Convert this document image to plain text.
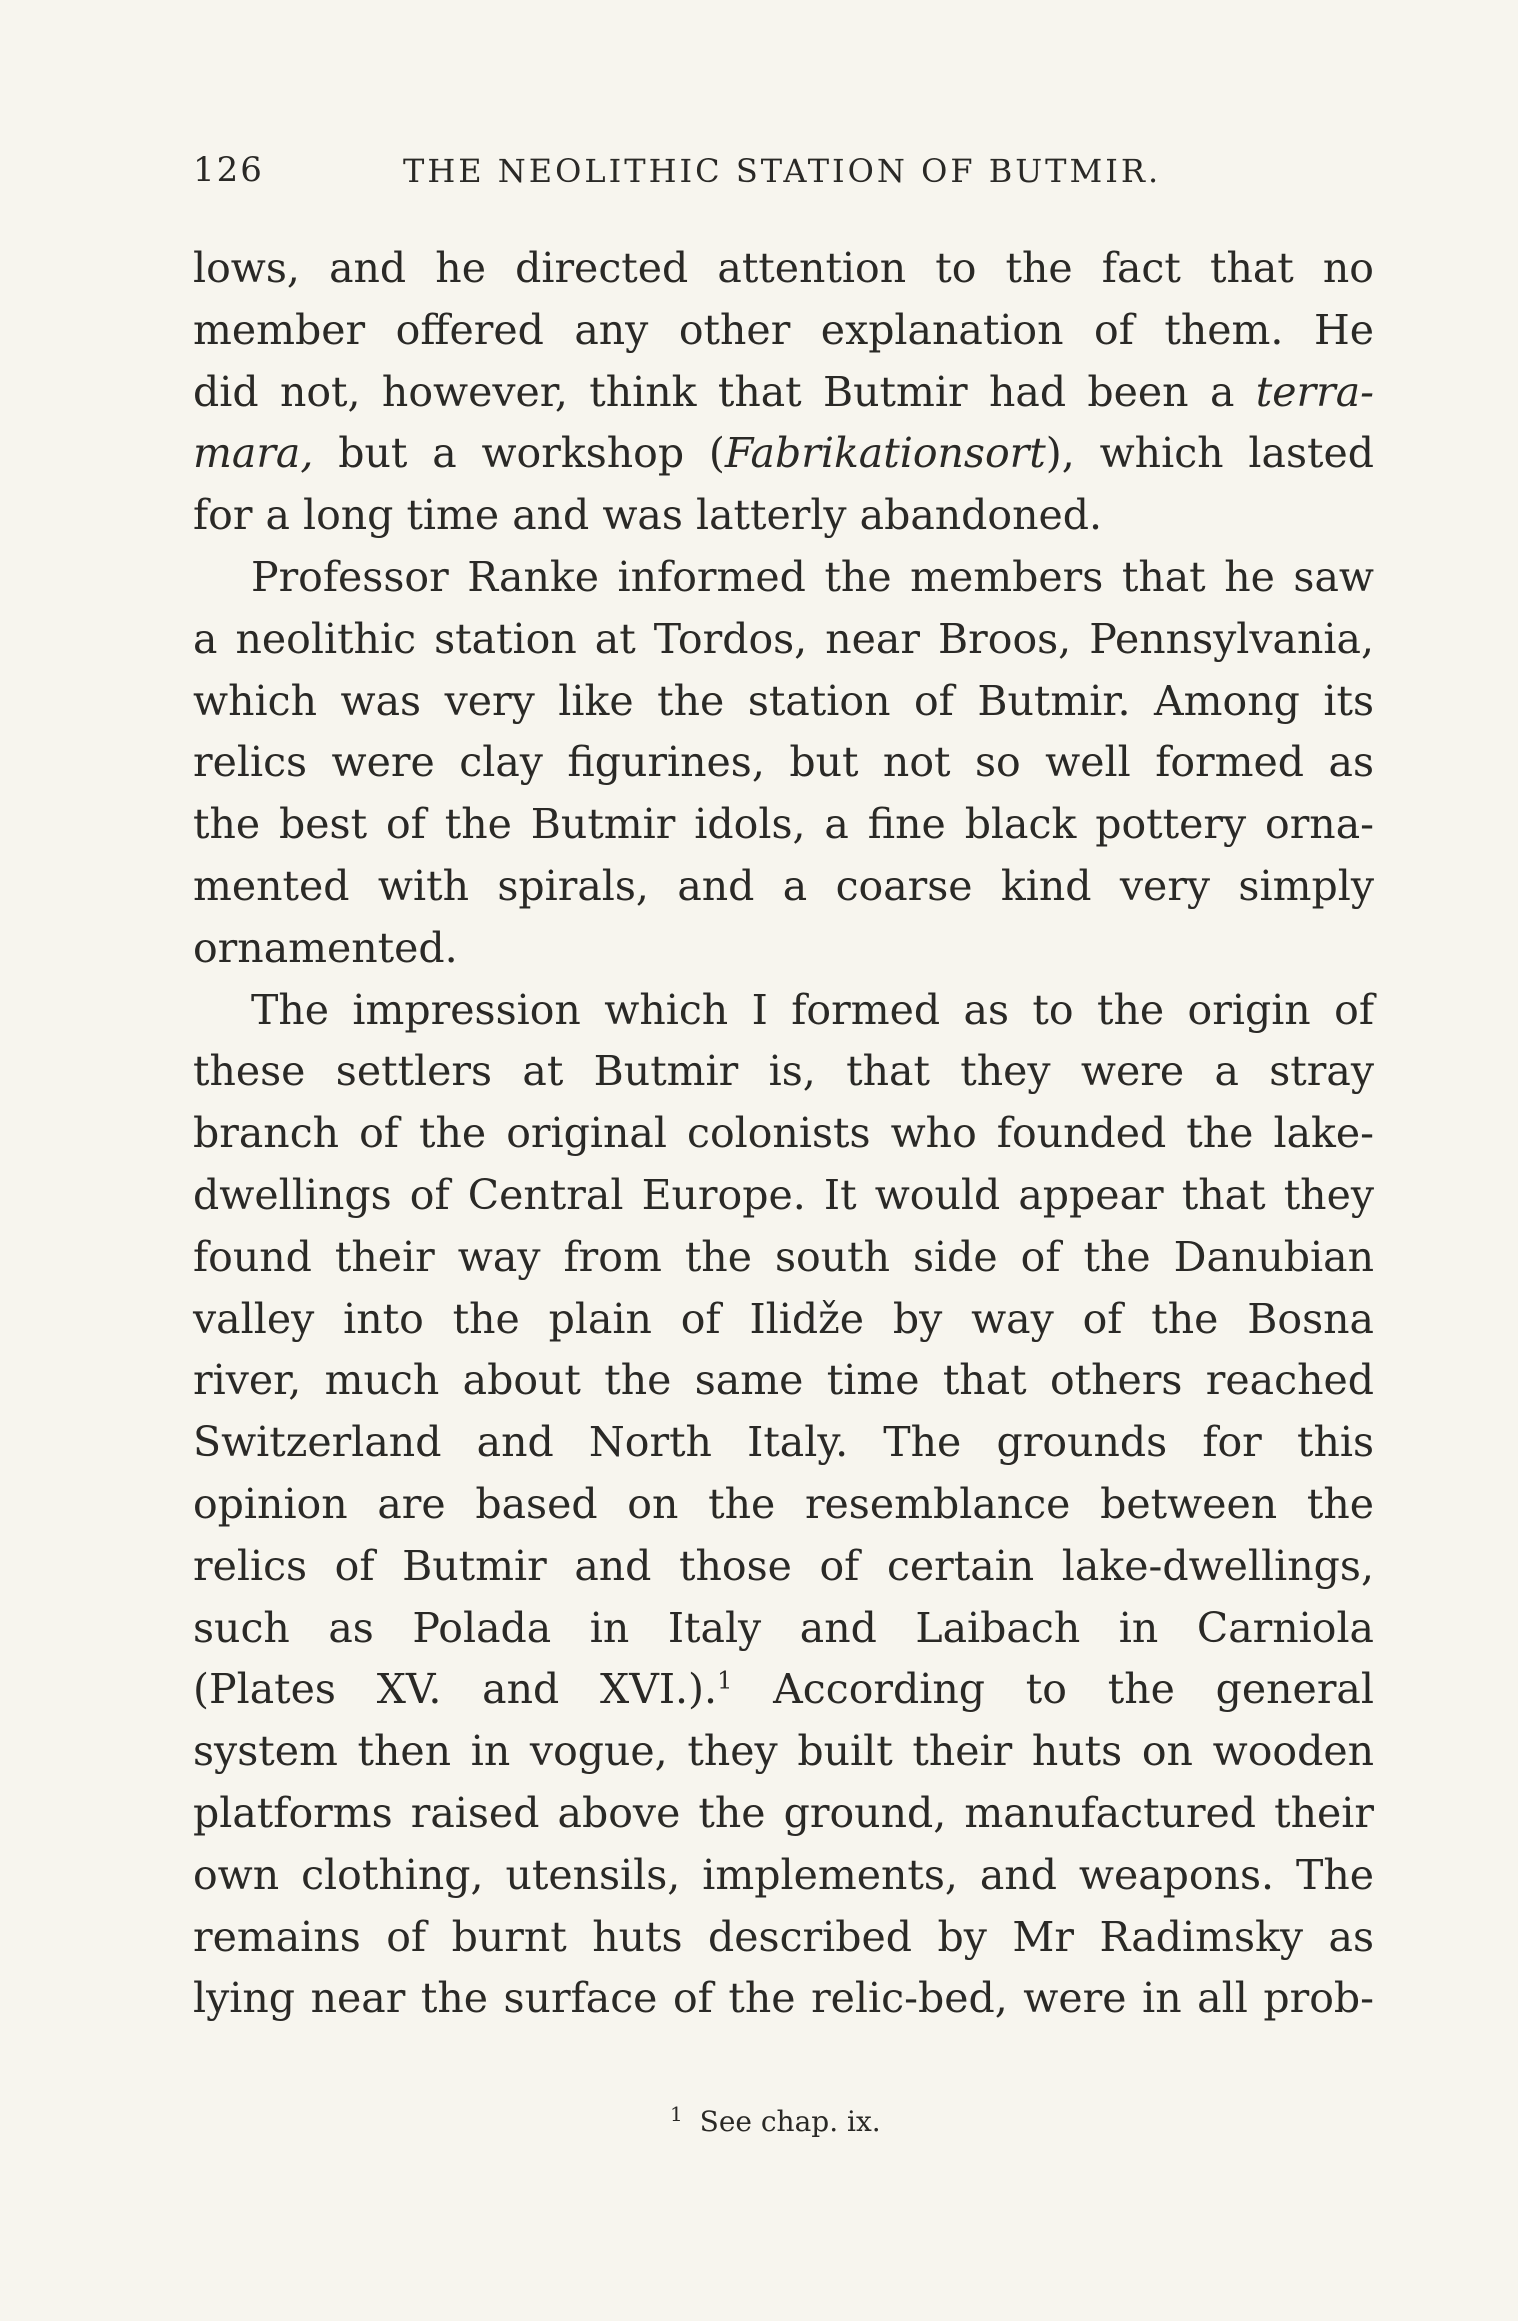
126	THE NEOLITHIC STATION OF BUTMIR.
lows, and he directed attention to the fact that no
member offered any other explanation of them. He
did not, however, think that Butmir had been a terra-
mara, but a workshop (Fabrikationsort), which lasted
for a long time and was latterly abandoned.
Professor Ranke informed the members that he saw
a neolithic station at Tordos, near Broos, Pennsylvania,
which was very like the station of Butmir. Among its
relics were clay figurines, but not so well formed as
the best of the Butmir idols, a fine black pottery orna-
mented with spirals, and a coarse kind very simply
ornamented.
The impression which I formed as to the origin of
these settlers at Butmir is, that they were a stray
branch of the original colonists who founded the lake-
dwellings of Central Europe. It would appear that they
found their way from the south side of the Danubian
valley into the plain of Ilidže by way of the Bosna
river, much about the same time that others reached
Switzerland and North Italy. The grounds for this
opinion are based on the resemblance between the
relics of Butmir and those of certain lake-dwellings,
such as Polada in Italy and Laibach in Carniola
(Plates XV. and XVI.).$^1$ According to the general
system then in vogue, they built their huts on wooden
platforms raised above the ground, manufactured their
own clothing, utensils, implements, and weapons. The
remains of burnt huts described by Mr Radimsky as
lying near the surface of the relic-bed, were in all prob-
$^1$ See chap. ix.
